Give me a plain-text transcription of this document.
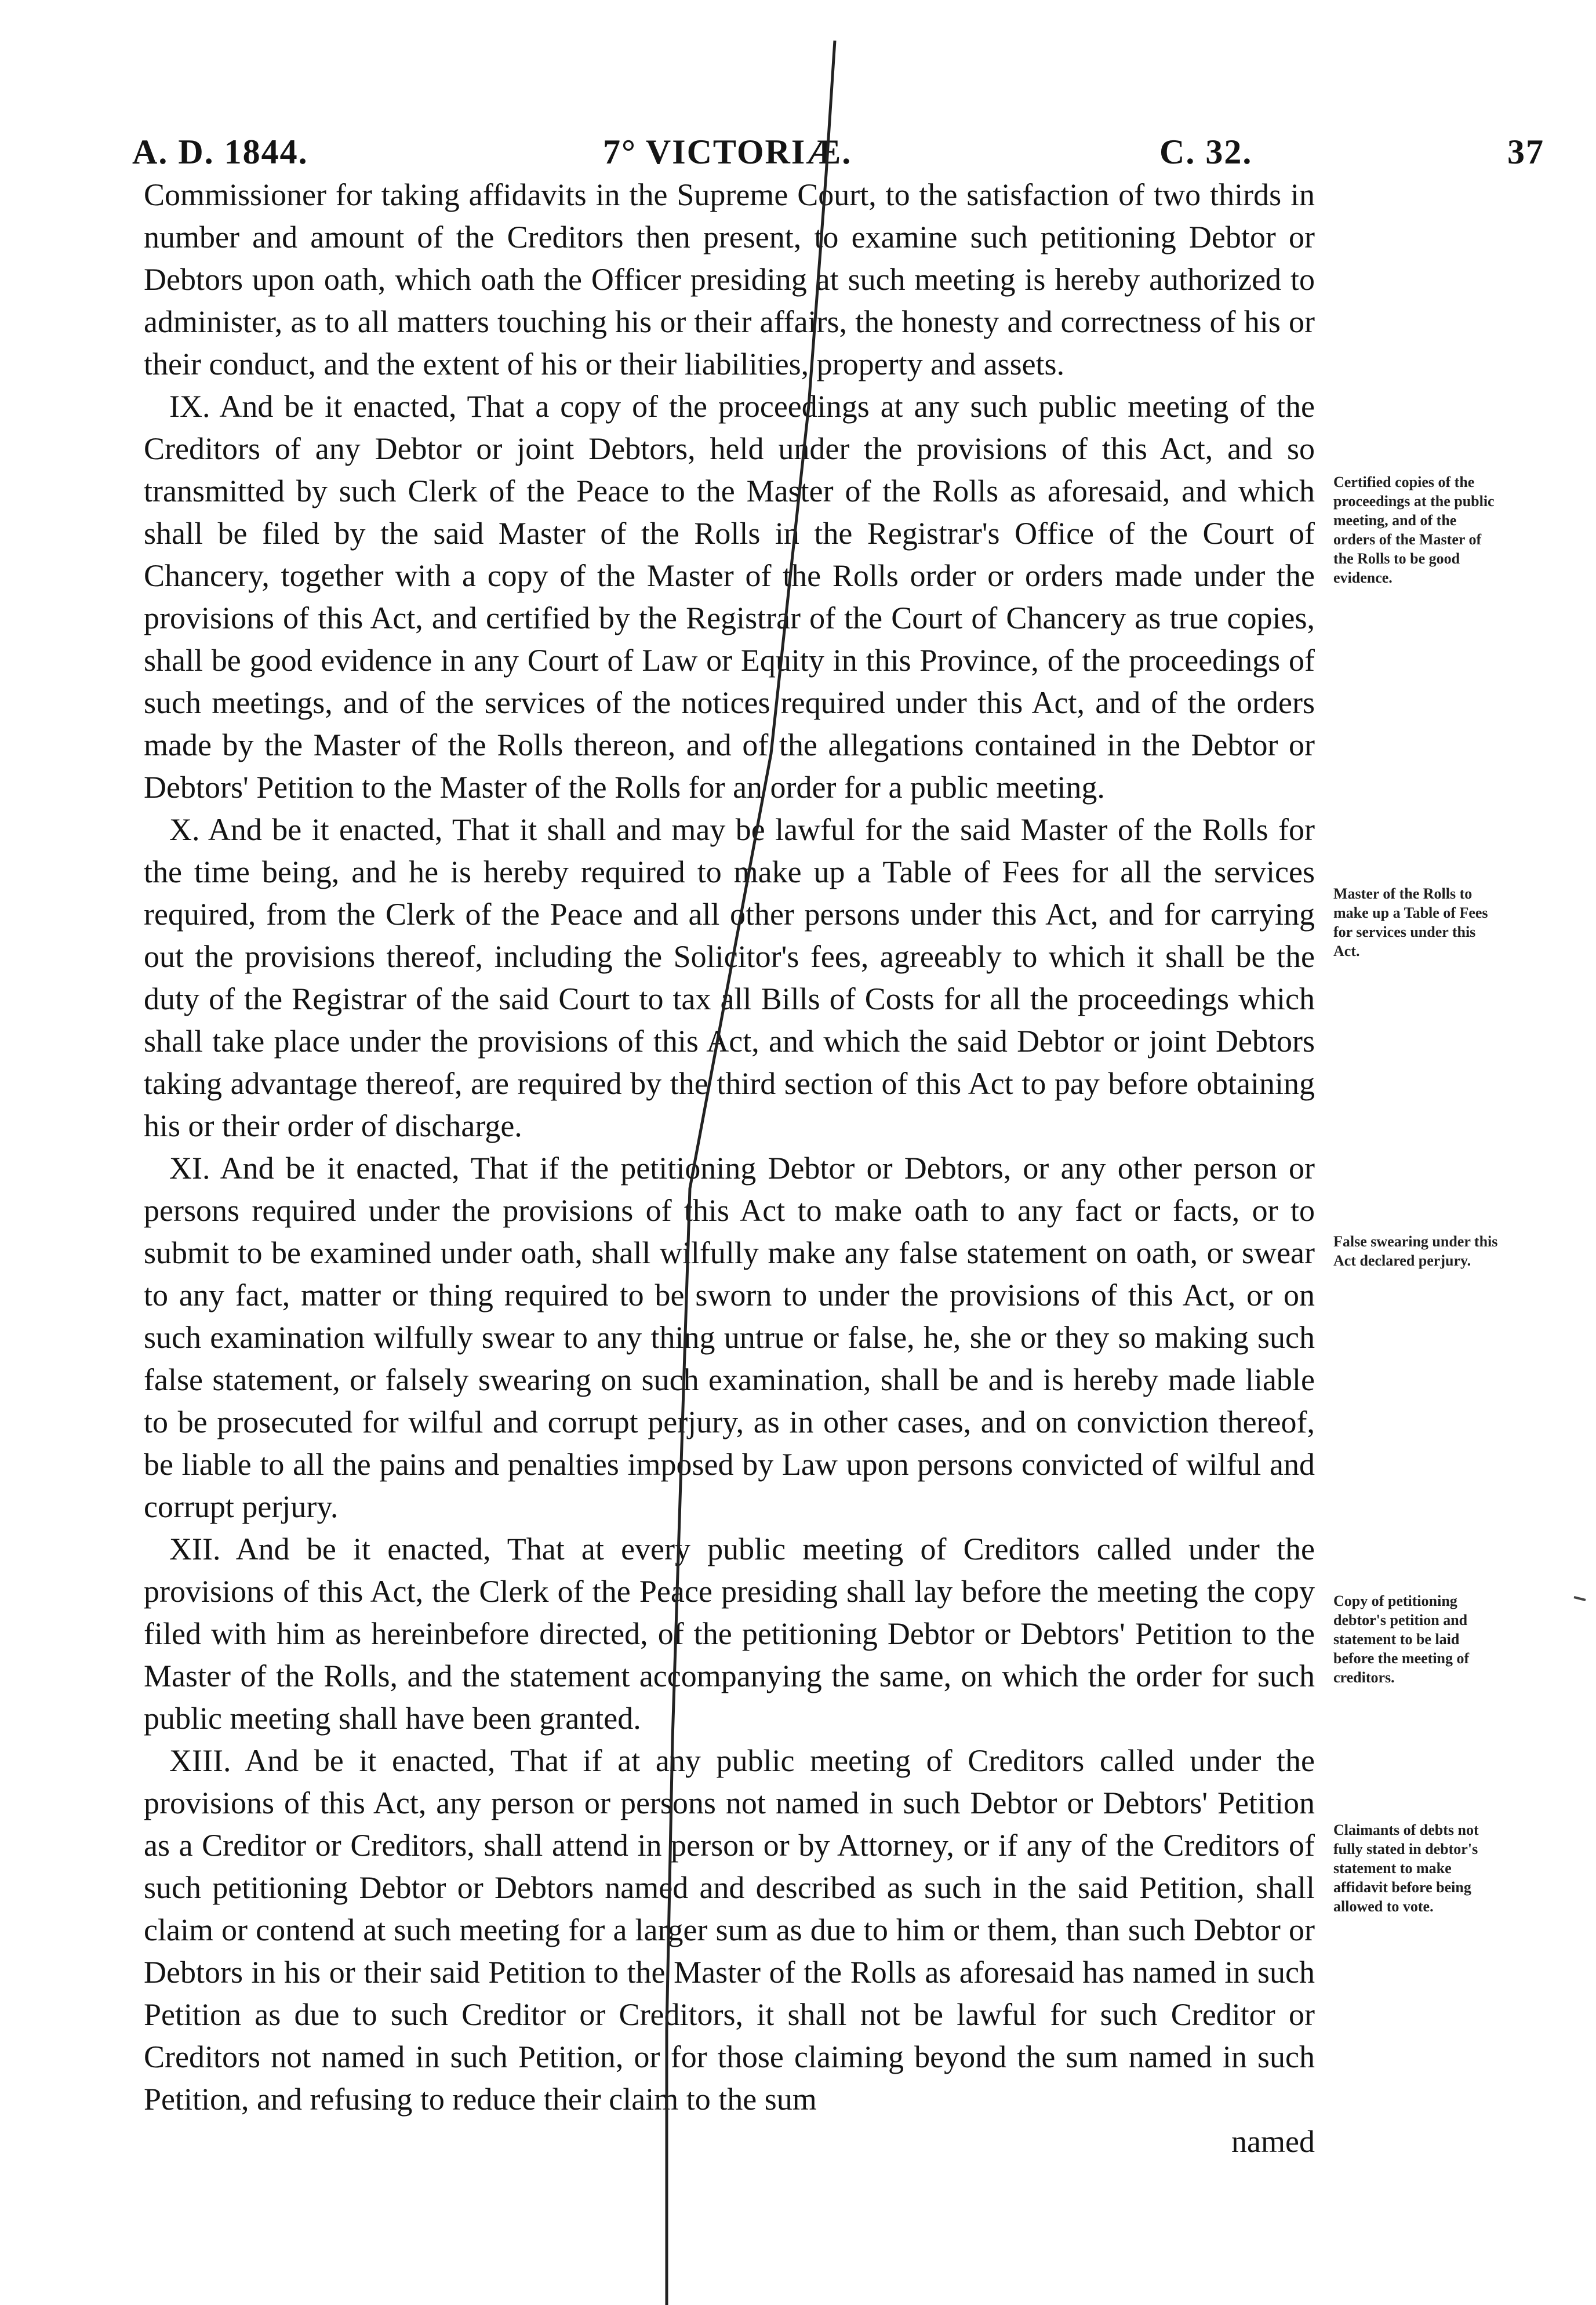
A. D. 1844.	7° VICTORIÆ.	C. 32.	37

Commissioner for taking affidavits in the Supreme Court, to the satisfaction of two thirds in number and amount of the Creditors then present, to examine such petitioning Debtor or Debtors upon oath, which oath the Officer presiding at such meeting is hereby authorized to administer, as to all matters touching his or their affairs, the honesty and correctness of his or their conduct, and the extent of his or their liabilities, property and assets.

IX. And be it enacted, That a copy of the proceedings at any such public meeting of the Creditors of any Debtor or joint Debtors, held under the provisions of this Act, and so transmitted by such Clerk of the Peace to the Master of the Rolls as aforesaid, and which shall be filed by the said Master of the Rolls in the Registrar's Office of the Court of Chancery, together with a copy of the Master of the Rolls order or orders made under the provisions of this Act, and certified by the Registrar of the Court of Chancery as true copies, shall be good evidence in any Court of Law or Equity in this Province, of the proceedings of such meetings, and of the services of the notices required under this Act, and of the orders made by the Master of the Rolls thereon, and of the allegations contained in the Debtor or Debtors' Petition to the Master of the Rolls for an order for a public meeting.

X. And be it enacted, That it shall and may be lawful for the said Master of the Rolls for the time being, and he is hereby required to make up a Table of Fees for all the services required, from the Clerk of the Peace and all other persons under this Act, and for carrying out the provisions thereof, including the Solicitor's fees, agreeably to which it shall be the duty of the Registrar of the said Court to tax all Bills of Costs for all the proceedings which shall take place under the provisions of this Act, and which the said Debtor or joint Debtors taking advantage thereof, are required by the third section of this Act to pay before obtaining his or their order of discharge.

XI. And be it enacted, That if the petitioning Debtor or Debtors, or any other person or persons required under the provisions of this Act to make oath to any fact or facts, or to submit to be examined under oath, shall wilfully make any false statement on oath, or swear to any fact, matter or thing required to be sworn to under the provisions of this Act, or on such examination wilfully swear to any thing untrue or false, he, she or they so making such false statement, or falsely swearing on such examination, shall be and is hereby made liable to be prosecuted for wilful and corrupt perjury, as in other cases, and on conviction thereof, be liable to all the pains and penalties imposed by Law upon persons convicted of wilful and corrupt perjury.

XII. And be it enacted, That at every public meeting of Creditors called under the provisions of this Act, the Clerk of the Peace presiding shall lay before the meeting the copy filed with him as hereinbefore directed, of the petitioning Debtor or Debtors' Petition to the Master of the Rolls, and the statement accompanying the same, on which the order for such public meeting shall have been granted.

XIII. And be it enacted, That if at any public meeting of Creditors called under the provisions of this Act, any person or persons not named in such Debtor or Debtors' Petition as a Creditor or Creditors, shall attend in person or by Attorney, or if any of the Creditors of such petitioning Debtor or Debtors named and described as such in the said Petition, shall claim or contend at such meeting for a larger sum as due to him or them, than such Debtor or Debtors in his or their said Petition to the Master of the Rolls as aforesaid has named in such Petition as due to such Creditor or Creditors, it shall not be lawful for such Creditor or Creditors not named in such Petition, or for those claiming beyond the sum named in such Petition, and refusing to reduce their claim to the sum

named

Certified copies of the proceedings at the public meeting, and of the orders of the Master of the Rolls to be good evidence.
Master of the Rolls to make up a Table of Fees for services under this Act.
False swearing under this Act declared perjury.
Copy of petitioning debtor's petition and statement to be laid before the meeting of creditors.
Claimants of debts not fully stated in debtor's statement to make affidavit before being allowed to vote.
